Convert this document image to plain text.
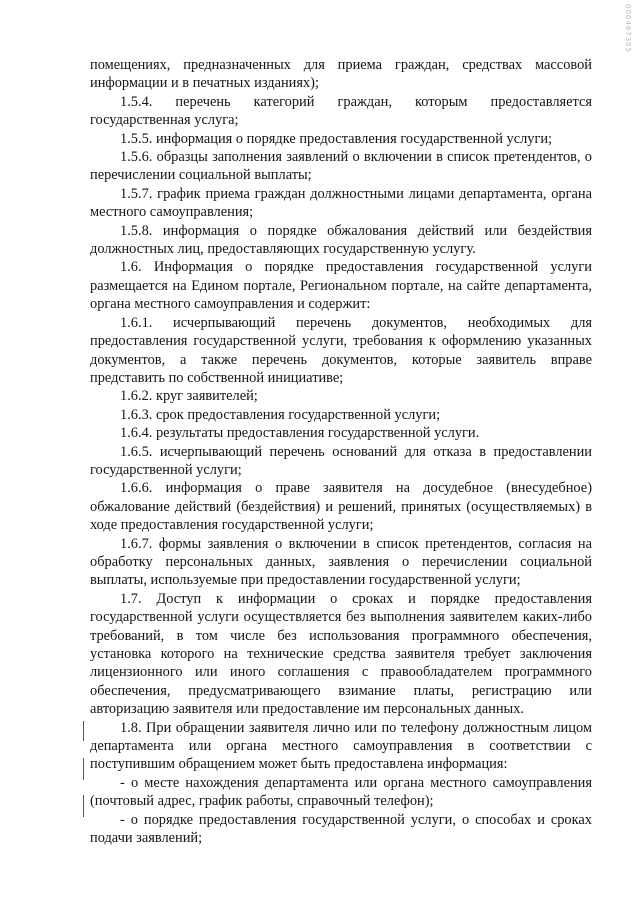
000467305

помещениях, предназначенных для приема граждан, средствах массовой информации и в печатных изданиях);

1.5.4. перечень категорий граждан, которым предоставляется государственная услуга;

1.5.5. информация о порядке предоставления государственной услуги;

1.5.6. образцы заполнения заявлений о включении в список претендентов, о перечислении социальной выплаты;

1.5.7. график приема граждан должностными лицами департамента, органа местного самоуправления;

1.5.8. информация о порядке обжалования действий или бездействия должностных лиц, предоставляющих государственную услугу.

1.6. Информация о порядке предоставления государственной услуги размещается на Едином портале, Региональном портале, на сайте департамента, органа местного самоуправления и содержит:

1.6.1. исчерпывающий перечень документов, необходимых для предоставления государственной услуги, требования к оформлению указанных документов, а также перечень документов, которые заявитель вправе представить по собственной инициативе;

1.6.2. круг заявителей;

1.6.3. срок предоставления государственной услуги;

1.6.4. результаты предоставления государственной услуги.

1.6.5. исчерпывающий перечень оснований для отказа в предоставлении государственной услуги;

1.6.6. информация о праве заявителя на досудебное (внесудебное) обжалование действий (бездействия) и решений, принятых (осуществляемых) в ходе предоставления государственной услуги;

1.6.7. формы заявления о включении в список претендентов, согласия на обработку персональных данных, заявления о перечислении социальной выплаты, используемые при предоставлении государственной услуги;

1.7. Доступ к информации о сроках и порядке предоставления государственной услуги осуществляется без выполнения заявителем каких-либо требований, в том числе без использования программного обеспечения, установка которого на технические средства заявителя требует заключения лицензионного или иного соглашения с правообладателем программного обеспечения, предусматривающего взимание платы, регистрацию или авторизацию заявителя или предоставление им персональных данных.

1.8. При обращении заявителя лично или по телефону должностным лицом департамента или органа местного самоуправления в соответствии с поступившим обращением может быть предоставлена информация:

- о месте нахождения департамента или органа местного самоуправления (почтовый адрес, график работы, справочный телефон);

- о порядке предоставления государственной услуги, о способах и сроках подачи заявлений;
